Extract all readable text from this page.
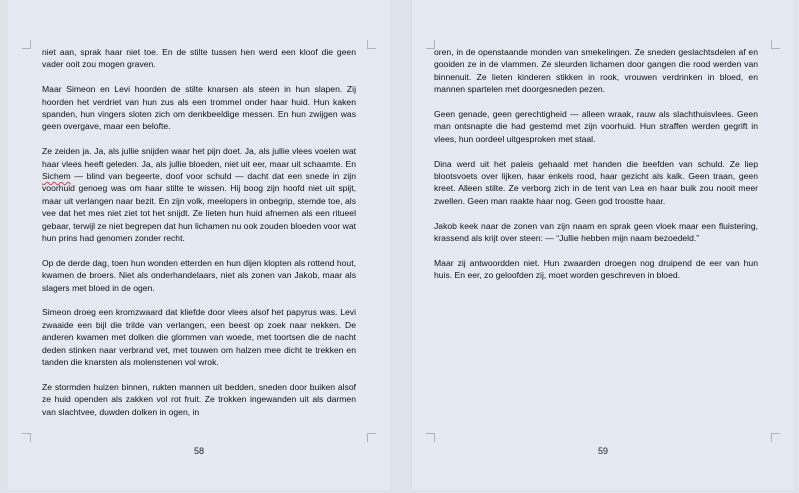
niet aan, sprak haar niet toe. En de stilte tussen hen werd een kloof die geen vader ooit zou mogen graven.

Maar Simeon en Levi hoorden de stilte knarsen als steen in hun slapen. Zij hoorden het verdriet van hun zus als een trommel onder haar huid. Hun kaken spanden, hun vingers sloten zich om denkbeeldige messen. En hun zwijgen was geen overgave, maar een belofte.

Ze zeiden ja. Ja, als jullie snijden waar het pijn doet. Ja, als jullie vlees voelen wat haar vlees heeft geleden. Ja, als jullie bloeden, niet uit eer, maar uit schaamte. En Sichem — blind van begeerte, doof voor schuld — dacht dat een snede in zijn voorhuid genoeg was om haar stilte te wissen. Hij boog zijn hoofd niet uit spijt, maar uit verlangen naar bezit. En zijn volk, meelopers in onbegrip, stemde toe, als vee dat het mes niet ziet tot het snijdt. Ze lieten hun huid afnemen als een ritueel gebaar, terwijl ze niet begrepen dat hun lichamen nu ook zouden bloeden voor wat hun prins had genomen zonder recht.

Op de derde dag, toen hun wonden etterden en hun dijen klopten als rottend hout, kwamen de broers. Niet als onderhandelaars, niet als zonen van Jakob, maar als slagers met bloed in de ogen.

Simeon droeg een kromzwaard dat kliefde door vlees alsof het papyrus was. Levi zwaaide een bijl die trilde van verlangen, een beest op zoek naar nekken. De anderen kwamen met dolken die glommen van woede, met toortsen die de nacht deden stinken naar verbrand vet, met touwen om halzen mee dicht te trekken en tanden die knarsten als molenstenen vol wrok.

Ze stormden huizen binnen, rukten mannen uit bedden, sneden door buiken alsof ze huid openden als zakken vol rot fruit. Ze trokken ingewanden uit als darmen van slachtvee, duwden dolken in ogen, in

58

oren, in de openstaande monden van smekelingen. Ze sneden geslachtsdelen af en gooiden ze in de vlammen. Ze sleurden lichamen door gangen die rood werden van binnenuit. Ze lieten kinderen stikken in rook, vrouwen verdrinken in bloed, en mannen spartelen met doorgesneden pezen.

Geen genade, geen gerechtigheid — alleen wraak, rauw als slachthuisvlees. Geen man ontsnapte die had gestemd met zijn voorhuid. Hun straffen werden gegrift in vlees, hun oordeel uitgesproken met staal.

Dina werd uit het paleis gehaald met handen die beefden van schuld. Ze liep blootsvoets over lijken, haar enkels rood, haar gezicht als kalk. Geen traan, geen kreet. Alleen stilte. Ze verborg zich in de tent van Lea en haar buik zou nooit meer zwellen. Geen man raakte haar nog. Geen god troostte haar.

Jakob keek naar de zonen van zijn naam en sprak geen vloek maar een fluistering, krassend als krijt over steen: — “Jullie hebben mijn naam bezoedeld.”

Maar zij antwoordden niet. Hun zwaarden droegen nog druipend de eer van hun huis. En eer, zo geloofden zij, moet worden geschreven in bloed.

59
